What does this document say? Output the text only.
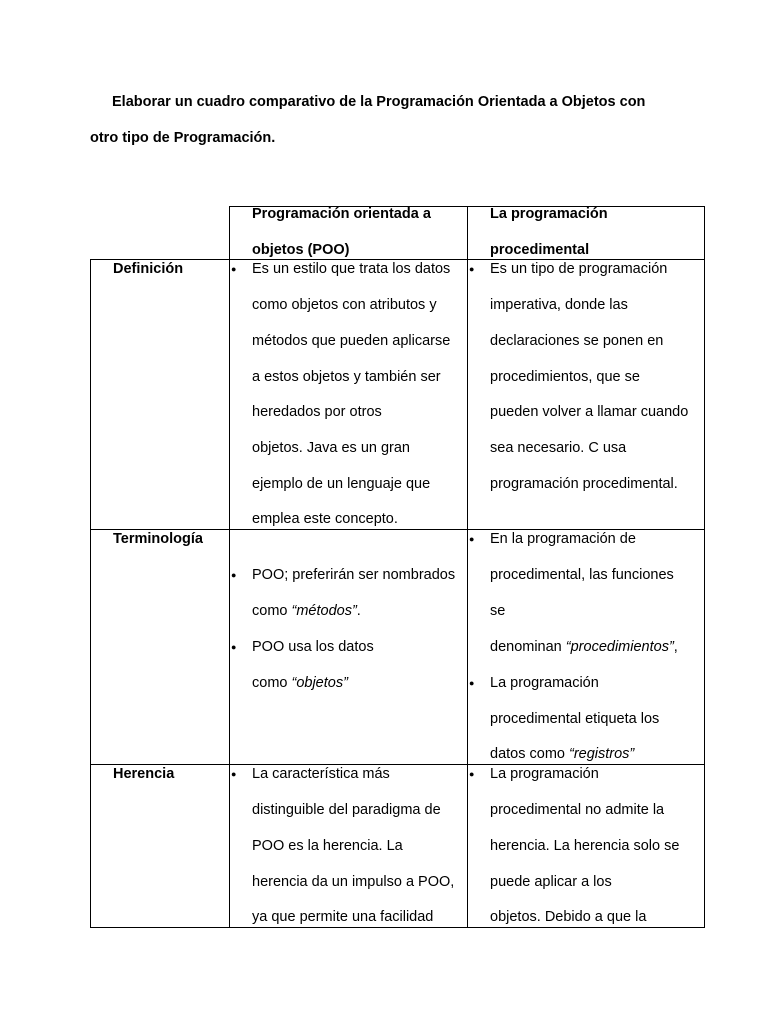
Elaborar un cuadro comparativo de la Programación Orientada a Objetos con
otro tipo de Programación.
Programación orientada a
objetos (POO)
La programación
procedimental
Definición	● Es un estilo que trata los datos
como objetos con atributos y
métodos que pueden aplicarse
a estos objetos y también ser
heredados por otros
objetos. Java es un gran
ejemplo de un lenguaje que
emplea este concepto.
● Es un tipo de programación
imperativa, donde las
declaraciones se ponen en
procedimientos, que se
pueden volver a llamar cuando
sea necesario. C usa
programación procedimental.
Terminología
● POO; preferirán ser nombrados
como “métodos”.
● POO usa los datos
como “objetos”
● En la programación de
procedimental, las funciones
se
denominan “procedimientos”,
● La programación
procedimental etiqueta los
datos como “registros”
Herencia	● La característica más
distinguible del paradigma de
POO es la herencia. La
herencia da un impulso a POO,
ya que permite una facilidad
● La programación
procedimental no admite la
herencia. La herencia solo se
puede aplicar a los
objetos. Debido a que la
